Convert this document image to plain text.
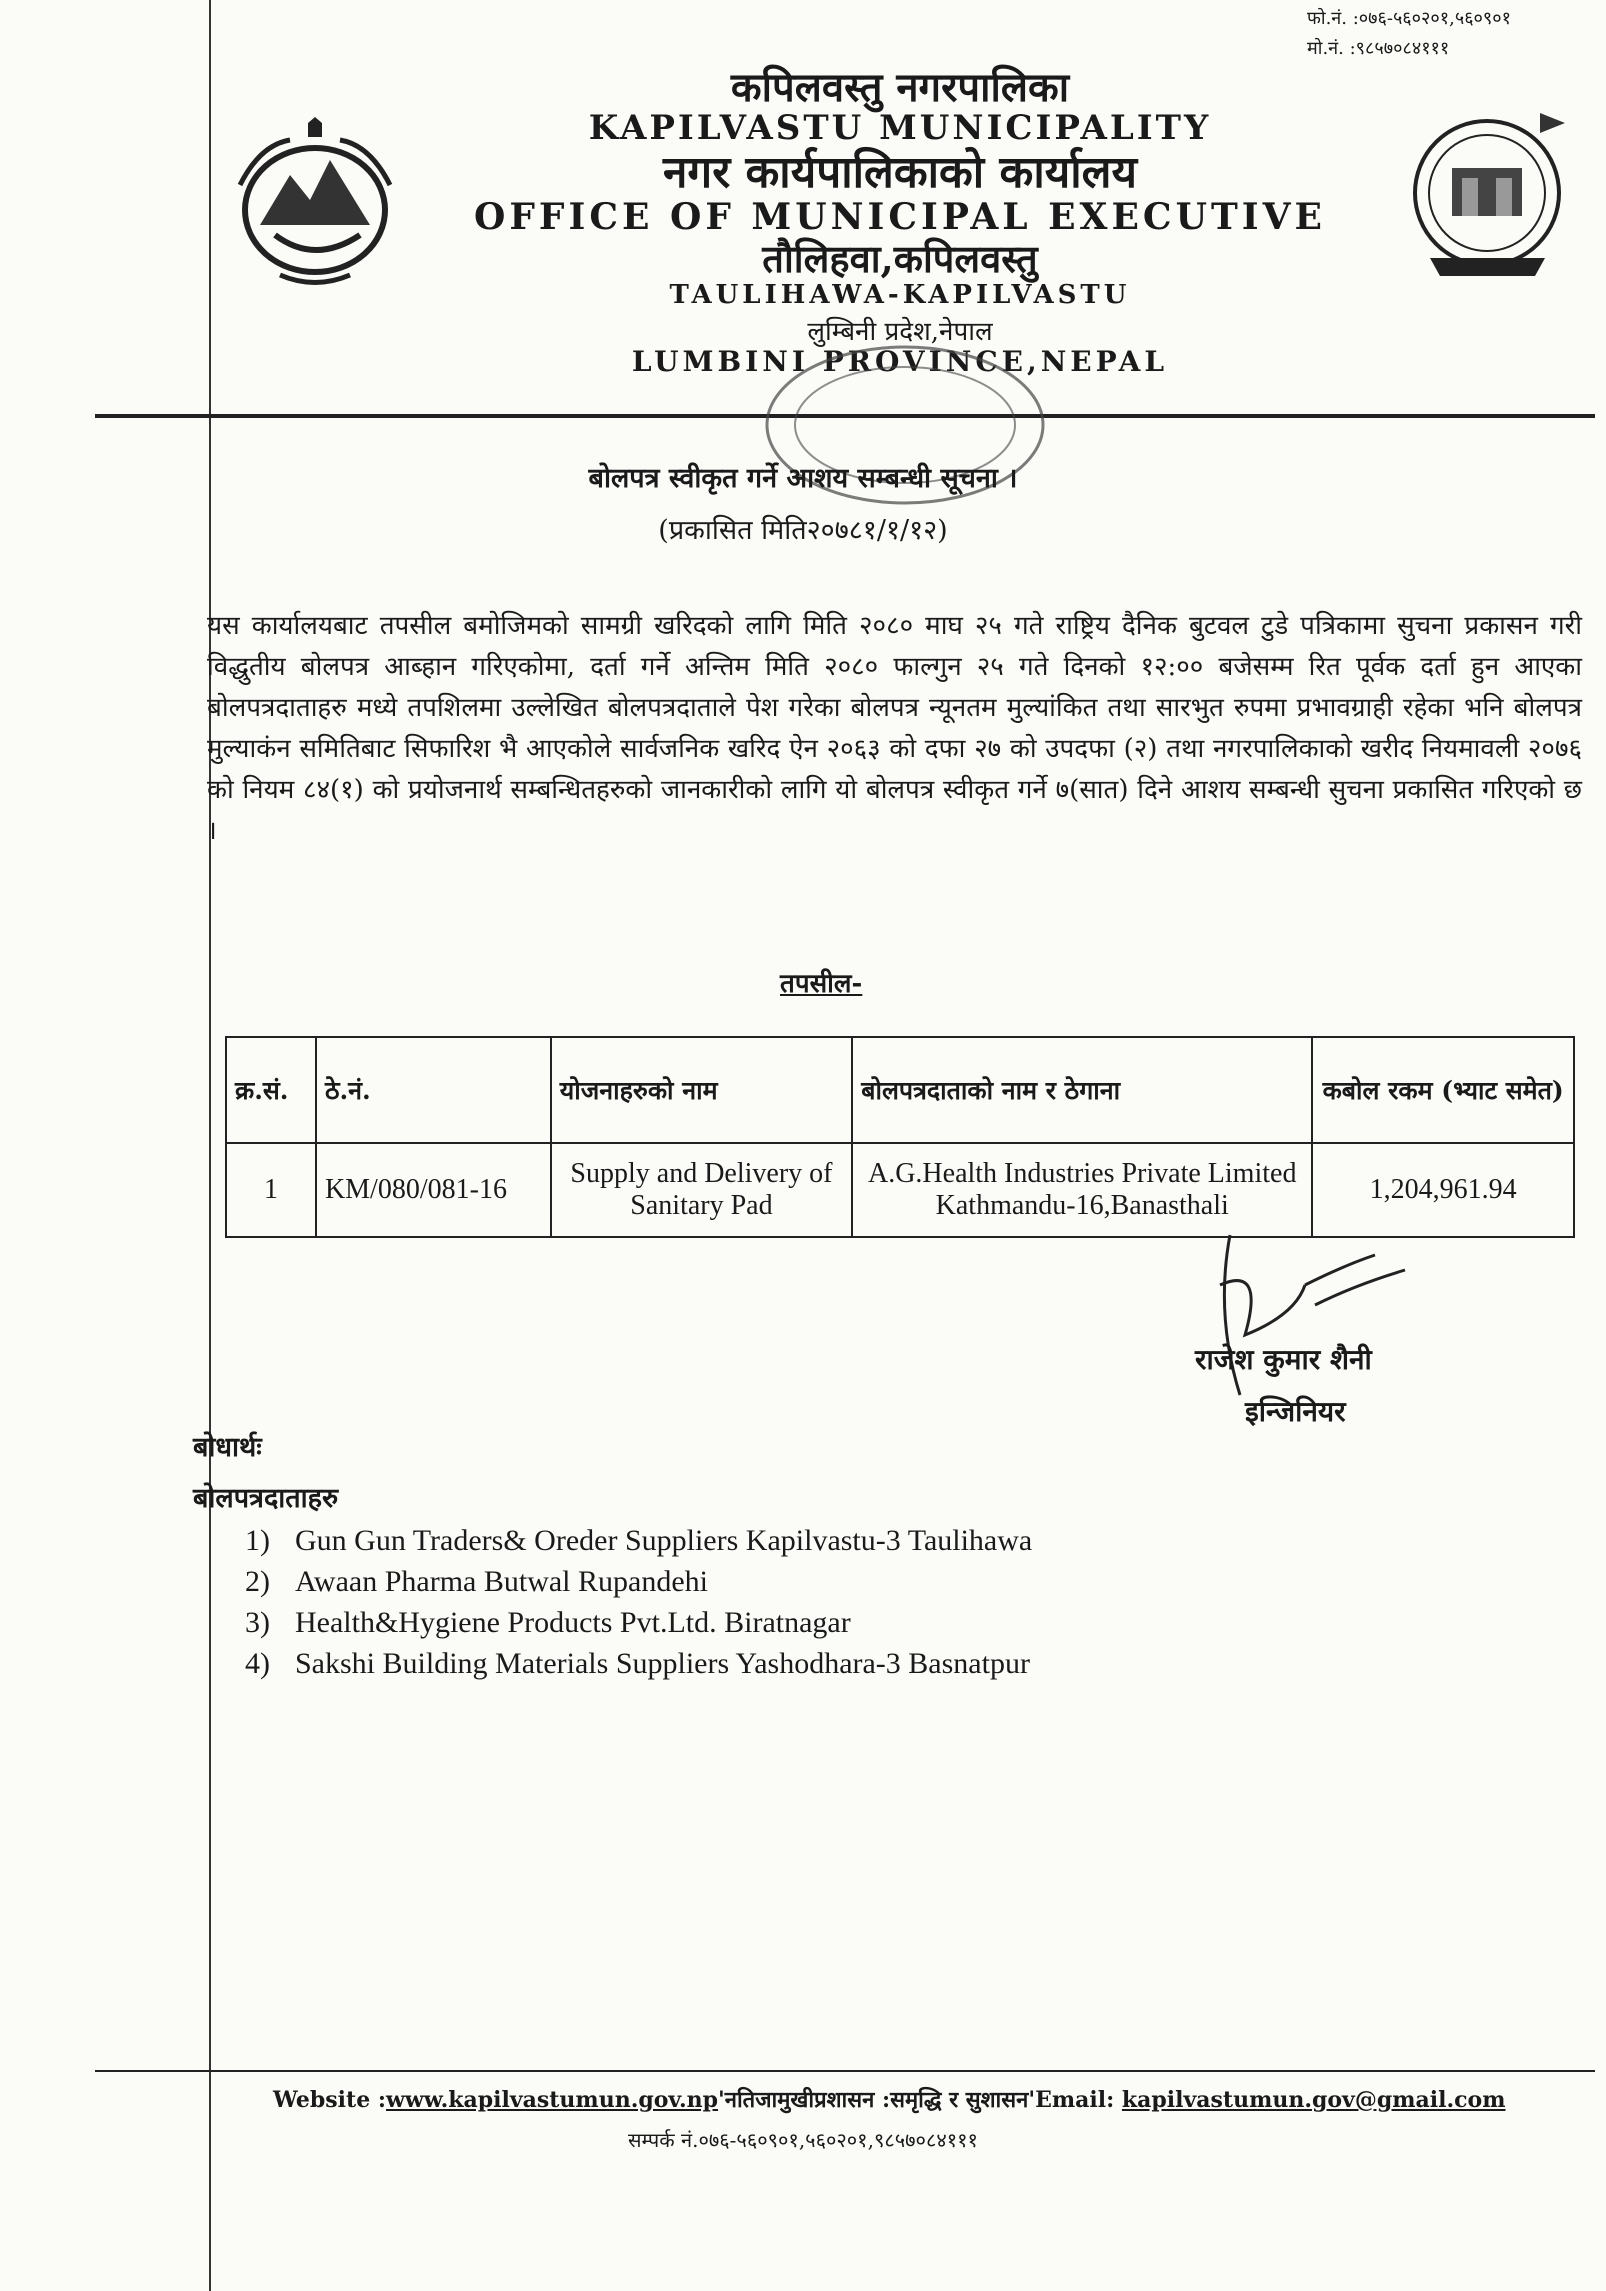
फो.नं. :०७६-५६०२०१,५६०९०१
मो.नं. :९८५७०८४१११
कपिलवस्तु नगरपालिका
KAPILVASTU MUNICIPALITY
नगर कार्यपालिकाको कार्यालय
OFFICE OF MUNICIPAL EXECUTIVE
तौलिहवा,कपिलवस्तु
TAULIHAWA-KAPILVASTU
लुम्बिनी प्रदेश,नेपाल
LUMBINI PROVINCE,NEPAL
बोलपत्र स्वीकृत गर्ने आशय सम्बन्धी सूचना ।
(प्रकासित मिति२०७८१/१/१२)
यस कार्यालयबाट तपसील बमोजिमको सामग्री खरिदको लागि मिति २०८० माघ २५ गते राष्ट्रिय दैनिक बुटवल टुडे पत्रिकामा सुचना प्रकासन गरी विद्धुतीय बोलपत्र आब्हान गरिएकोमा, दर्ता गर्ने अन्तिम मिति २०८० फाल्गुन २५ गते दिनको १२:०० बजेसम्म रित पूर्वक दर्ता हुन आएका बोलपत्रदाताहरु मध्ये तपशिलमा उल्लेखित बोलपत्रदाताले पेश गरेका बोलपत्र न्यूनतम मुल्यांकित तथा सारभुत रुपमा प्रभावग्राही रहेका भनि बोलपत्र मुल्याकंन समितिबाट सिफारिश भै आएकोले सार्वजनिक खरिद ऐन २०६३ को दफा २७ को उपदफा (२) तथा नगरपालिकाको खरीद नियमावली २०७६ को नियम ८४(१) को प्रयोजनार्थ सम्बन्धितहरुको जानकारीको लागि यो बोलपत्र स्वीकृत गर्ने ७(सात) दिने आशय सम्बन्धी सुचना प्रकासित गरिएको छ ।
तपसील-
क्र.सं.	ठे.नं.	योजनाहरुको नाम	बोलपत्रदाताको नाम र ठेगाना	कबोल रकम (भ्याट समेत)
1	KM/080/081-16	Supply and Delivery of Sanitary Pad	A.G.Health Industries Private Limited Kathmandu-16,Banasthali	1,204,961.94
राजेश कुमार शैनी
इन्जिनियर
बोधार्थः
बोलपत्रदाताहरु
1) Gun Gun Traders& Oreder Suppliers Kapilvastu-3 Taulihawa
2) Awaan Pharma Butwal Rupandehi
3) Health&Hygiene Products Pvt.Ltd. Biratnagar
4) Sakshi Building Materials Suppliers Yashodhara-3 Basnatpur
Website :www.kapilvastumun.gov.np'नतिजामुखीप्रशासन :समृद्धि र सुशासन'Email: kapilvastumun.gov@gmail.com
सम्पर्क नं.०७६-५६०९०१,५६०२०१,९८५७०८४१११
